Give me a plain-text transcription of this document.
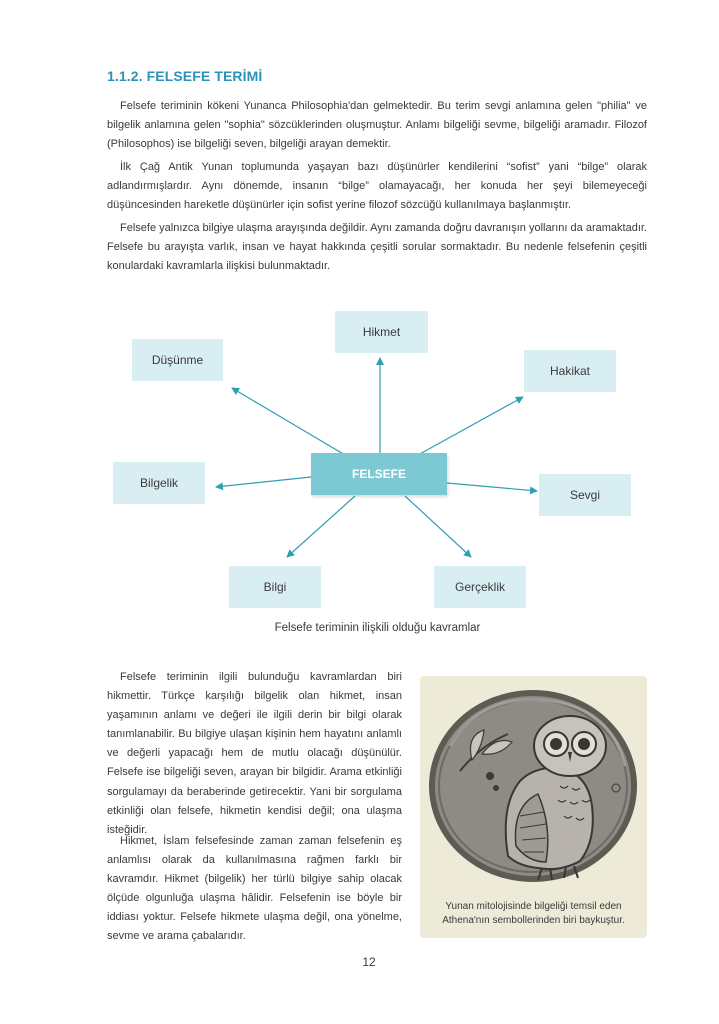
1.1.2. FELSEFE TERİMİ

Felsefe teriminin kökeni Yunanca Philosophia'dan gelmektedir. Bu terim sevgi anlamına gelen "philia" ve bilgelik anlamına gelen "sophia" sözcüklerinden oluşmuştur. Anlamı bilgeliği sevme, bilgeliği aramadır. Filozof (Philosophos) ise bilgeliği seven, bilgeliği arayan demektir.

İlk Çağ Antik Yunan toplumunda yaşayan bazı düşünürler kendilerini “sofist” yani “bilge” olarak adlandırmışlardır. Aynı dönemde, insanın “bilge” olamayacağı, her konuda her şeyi bilemeyeceği düşüncesinden hareketle düşünürler için sofist yerine filozof sözcüğü kullanılmaya başlanmıştır.

Felsefe yalnızca bilgiye ulaşma arayışında değildir. Aynı zamanda doğru davranışın yollarını da aramaktadır. Felsefe bu arayışta varlık, insan ve hayat hakkında çeşitli sorular sormaktadır. Bu nedenle felsefenin çeşitli konulardaki kavramlarla ilişkisi bulunmaktadır.

Hikmet
Düşünme
Hakikat
Bilgelik
FELSEFE
Sevgi
Bilgi	Gerçeklik
Felsefe teriminin ilişkili olduğu kavramlar

Felsefe teriminin ilgili bulunduğu kavramlardan biri hikmettir. Türkçe karşılığı bilgelik olan hikmet, insan yaşamının anlamı ve değeri ile ilgili derin bir bilgi olarak tanımlanabilir. Bu bilgiye ulaşan kişinin hem hayatını anlamlı ve değerli yapacağı hem de mutlu olacağı düşünülür. Felsefe ise bilgeliği seven, arayan bir bilgidir. Arama etkinliği sorgulamayı da beraberinde getirecektir. Yani bir sorgulama etkinliği olan felsefe, hikmetin kendisi değil; ona ulaşma isteğidir.

Hikmet, İslam felsefesinde zaman zaman felsefenin eş anlamlısı olarak da kullanılmasına rağmen farklı bir kavramdır. Hikmet (bilgelik) her türlü bilgiye sahip olacak ölçüde olgunluğa ulaşma hâlidir. Felsefenin ise böyle bir iddiası yoktur. Felsefe hikmete ulaşma değil, ona yönelme, sevme ve arama çabalarıdır.

Yunan mitolojisinde bilgeliği temsil eden
Athena'nın sembollerinden biri baykuştur.
12
